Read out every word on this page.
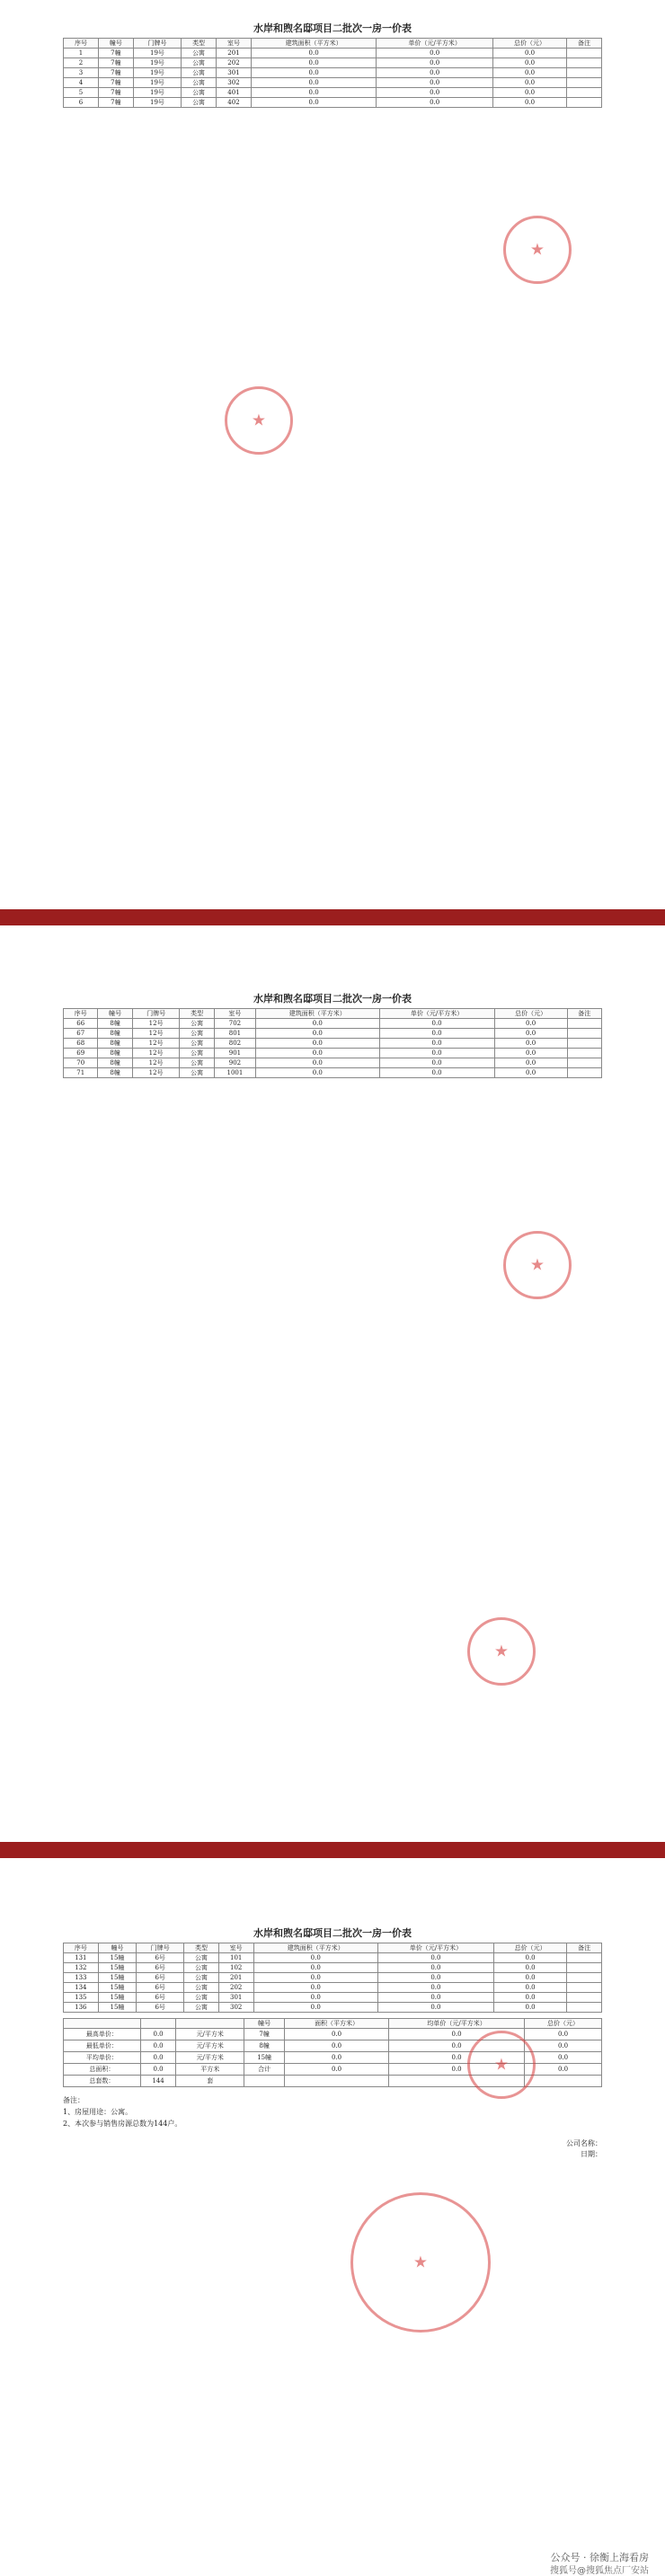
水岸和煦名邸项目二批次一房一价表
序号	幢号	门牌号	类型	室号	建筑面积（平方米）	单价（元/平方米）	总价（元）	备注
1	7幢	19号	公寓	201	0.0	0.0	0.0	
2	7幢	19号	公寓	202	0.0	0.0	0.0	
3	7幢	19号	公寓	301	0.0	0.0	0.0	
4	7幢	19号	公寓	302	0.0	0.0	0.0	
5	7幢	19号	公寓	401	0.0	0.0	0.0	
6	7幢	19号	公寓	402	0.0	0.0	0.0	
★
★
水岸和煦名邸项目二批次一房一价表
序号	幢号	门牌号	类型	室号	建筑面积（平方米）	单价（元/平方米）	总价（元）	备注
66	8幢	12号	公寓	702	0.0	0.0	0.0	
67	8幢	12号	公寓	801	0.0	0.0	0.0	
68	8幢	12号	公寓	802	0.0	0.0	0.0	
69	8幢	12号	公寓	901	0.0	0.0	0.0	
70	8幢	12号	公寓	902	0.0	0.0	0.0	
71	8幢	12号	公寓	1001	0.0	0.0	0.0	
★
★
水岸和煦名邸项目二批次一房一价表
序号	幢号	门牌号	类型	室号	建筑面积（平方米）	单价（元/平方米）	总价（元）	备注
131	15幢	6号	公寓	101	0.0	0.0	0.0	
132	15幢	6号	公寓	102	0.0	0.0	0.0	
133	15幢	6号	公寓	201	0.0	0.0	0.0	
134	15幢	6号	公寓	202	0.0	0.0	0.0	
135	15幢	6号	公寓	301	0.0	0.0	0.0	
136	15幢	6号	公寓	302	0.0	0.0	0.0	
			幢号	面积（平方米）	均单价（元/平方米）	总价（元）
最高单价：	0.0	元/平方米	7幢	0.0	0.0	0.0
最低单价：	0.0	元/平方米	8幢	0.0	0.0	0.0
平均单价：	0.0	元/平方米	15幢	0.0	0.0	0.0
总面积：	0.0	平方米	合计	0.0	0.0	0.0
总套数：	144	套				
备注：
1、房屋用途：公寓。
2、本次参与销售房源总数为144户。
公司名称：
日期：
★
★
公众号 · 徐衡上海看房
搜狐号@搜狐焦点厂安站
